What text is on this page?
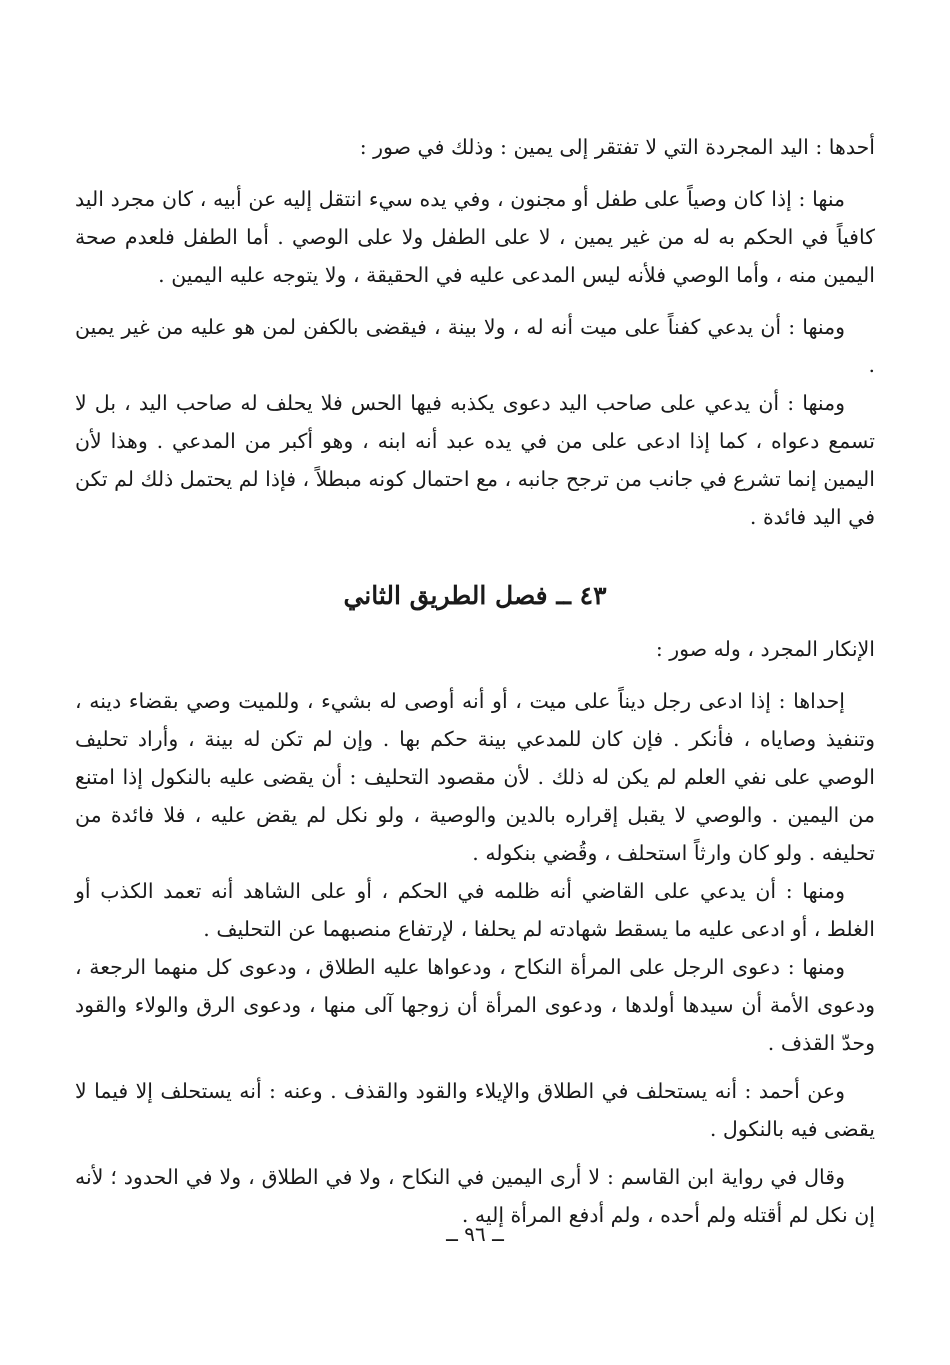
أحدها : اليد المجردة التي لا تفتقر إلى يمين : وذلك في صور :

منها : إذا كان وصياً على طفل أو مجنون ، وفي يده سيء انتقل إليه عن أبيه ، كان مجرد اليد كافياً في الحكم به له من غير يمين ، لا على الطفل ولا على الوصي . أما الطفل فلعدم صحة اليمين منه ، وأما الوصي فلأنه ليس المدعى عليه في الحقيقة ، ولا يتوجه عليه اليمين .

ومنها : أن يدعي كفناً على ميت أنه له ، ولا بينة ، فيقضى بالكفن لمن هو عليه من غير يمين .

ومنها : أن يدعي على صاحب اليد دعوى يكذبه فيها الحس فلا يحلف له صاحب اليد ، بل لا تسمع دعواه ، كما إذا ادعى على من في يده عبد أنه ابنه ، وهو أكبر من المدعي . وهذا لأن اليمين إنما تشرع في جانب من ترجح جانبه ، مع احتمال كونه مبطلاً ، فإذا لم يحتمل ذلك لم تكن في اليد فائدة .

٤٣ ــ فصل الطريق الثاني

الإنكار المجرد ، وله صور :

إحداها : إذا ادعى رجل ديناً على ميت ، أو أنه أوصى له بشيء ، وللميت وصي بقضاء دينه ، وتنفيذ وصاياه ، فأنكر . فإن كان للمدعي بينة حكم بها . وإن لم تكن له بينة ، وأراد تحليف الوصي على نفي العلم لم يكن له ذلك . لأن مقصود التحليف : أن يقضى عليه بالنكول إذا امتنع من اليمين . والوصي لا يقبل إقراره بالدين والوصية ، ولو نكل لم يقض عليه ، فلا فائدة من تحليفه . ولو كان وارثاً استحلف ، وقُضي بنكوله .

ومنها : أن يدعي على القاضي أنه ظلمه في الحكم ، أو على الشاهد أنه تعمد الكذب أو الغلط ، أو ادعى عليه ما يسقط شهادته لم يحلفا ، لإرتفاع منصبهما عن التحليف .

ومنها : دعوى الرجل على المرأة النكاح ، ودعواها عليه الطلاق ، ودعوى كل منهما الرجعة ، ودعوى الأمة أن سيدها أولدها ، ودعوى المرأة أن زوجها آلى منها ، ودعوى الرق والولاء والقود وحدّ القذف .

وعن أحمد : أنه يستحلف في الطلاق والإيلاء والقود والقذف . وعنه : أنه يستحلف إلا فيما لا يقضى فيه بالنكول .

وقال في رواية ابن القاسم : لا أرى اليمين في النكاح ، ولا في الطلاق ، ولا في الحدود ؛ لأنه إن نكل لم أقتله ولم أحده ، ولم أدفع المرأة إليه .

ــ ٩٦ ــ
